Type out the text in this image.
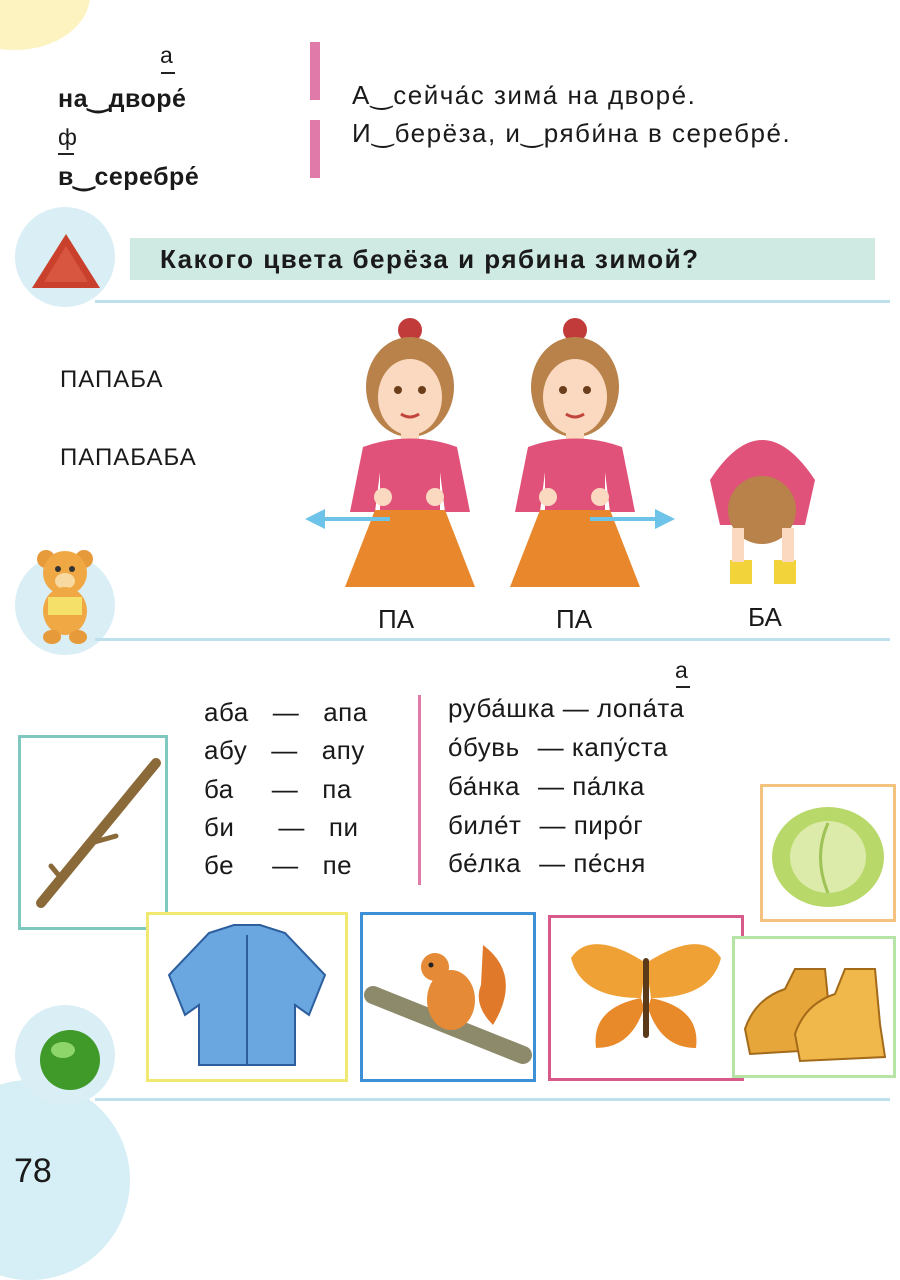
а
на‿дворе́
ф
в‿серебре́
А‿сейча́с зима́ на дворе́.
И‿берёза, и‿ряби́на в серебре́.
Какого цвета берёза и рябина зимой?
ПАПАБА
ПАПАБАБА
ПА	ПА	БА
аба — апа
абу — апу
ба — па
би — пи
бе — пе
а
руба́шка — лопа́та
о́бувь — капу́ста
ба́нка — па́лка
биле́т — пиро́г
бе́лка — пе́сня
78
